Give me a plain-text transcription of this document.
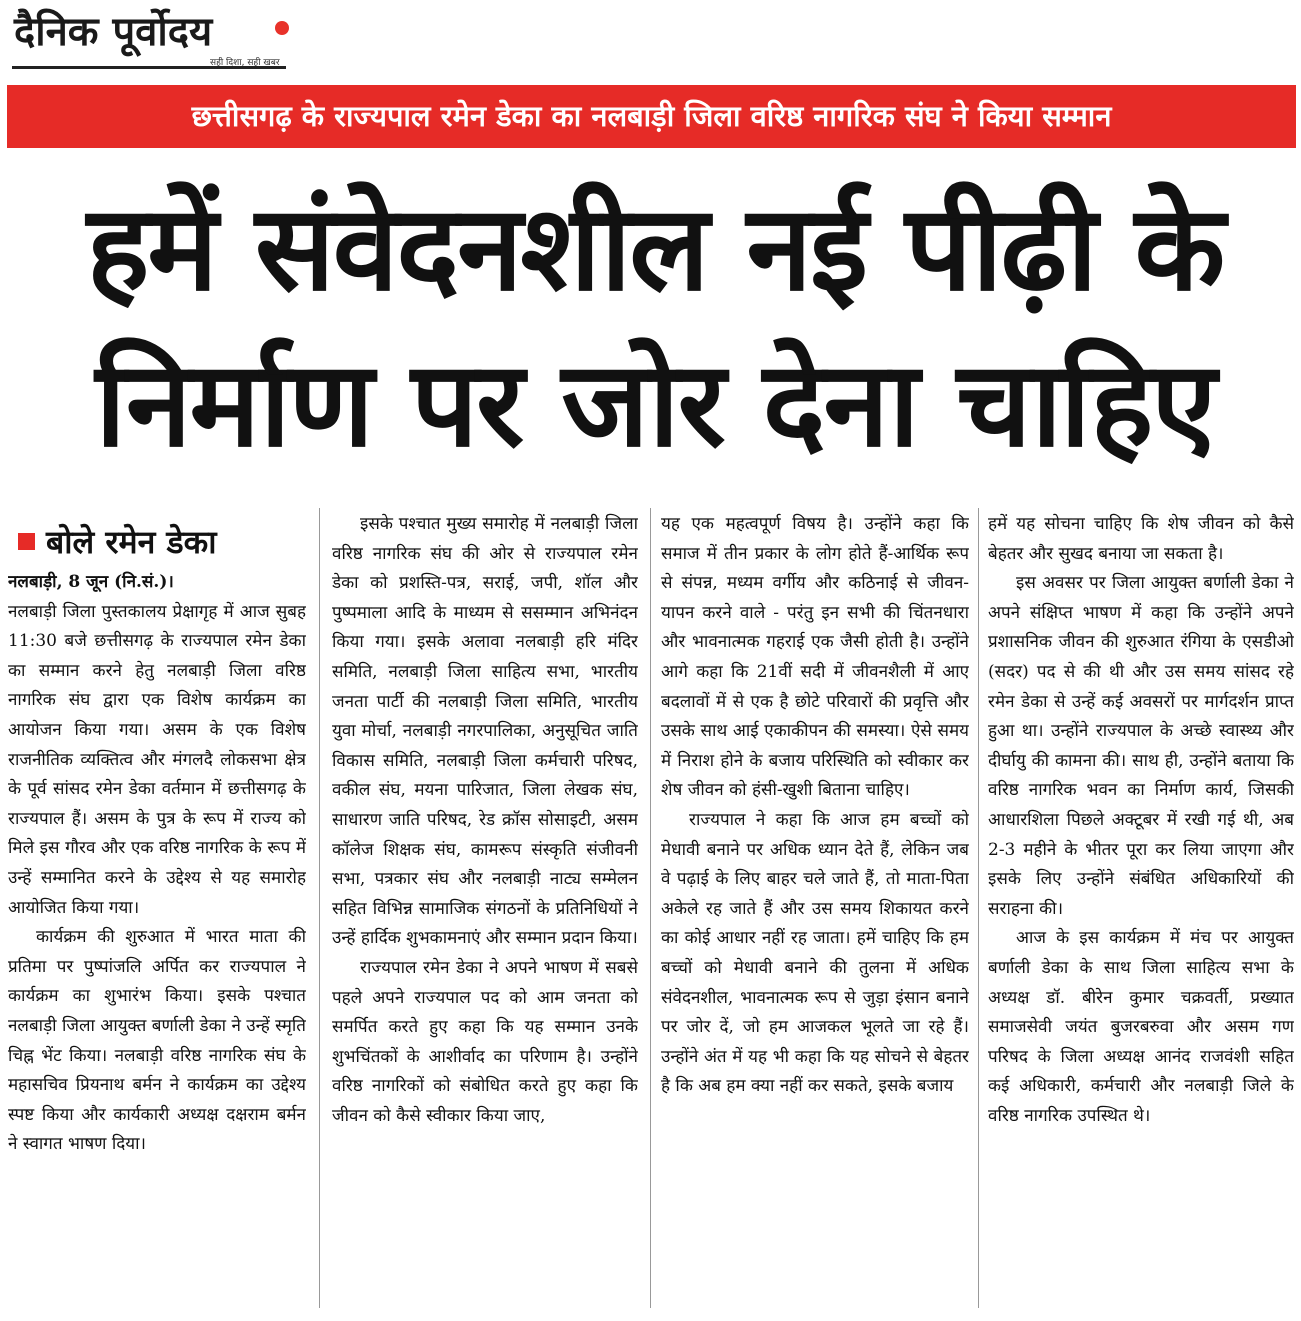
दैनिक पूर्वोदय
सही दिशा, सही खबर
छत्तीसगढ़ के राज्यपाल रमेन डेका का नलबाड़ी जिला वरिष्ठ नागरिक संघ ने किया सम्मान
हमें संवेदनशील नई पीढ़ी के
निर्माण पर जोर देना चाहिए
बोले रमेन डेका

नलबाड़ी, 8 जून (नि.सं.)।

नलबाड़ी जिला पुस्तकालय प्रेक्षागृह में आज सुबह 11:30 बजे छत्तीसगढ़ के राज्यपाल रमेन डेका का सम्मान करने हेतु नलबाड़ी जिला वरिष्ठ नागरिक संघ द्वारा एक विशेष कार्यक्रम का आयोजन किया गया। असम के एक विशेष राजनीतिक व्यक्तित्व और मंगलदै लोकसभा क्षेत्र के पूर्व सांसद रमेन डेका वर्तमान में छत्तीसगढ़ के राज्यपाल हैं। असम के पुत्र के रूप में राज्य को मिले इस गौरव और एक वरिष्ठ नागरिक के रूप में उन्हें सम्मानित करने के उद्देश्य से यह समारोह आयोजित किया गया।

कार्यक्रम की शुरुआत में भारत माता की प्रतिमा पर पुष्पांजलि अर्पित कर राज्यपाल ने कार्यक्रम का शुभारंभ किया। इसके पश्चात नलबाड़ी जिला आयुक्त बर्णाली डेका ने उन्हें स्मृति चिह्न भेंट किया। नलबाड़ी वरिष्ठ नागरिक संघ के महासचिव प्रियनाथ बर्मन ने कार्यक्रम का उद्देश्य स्पष्ट किया और कार्यकारी अध्यक्ष दक्षराम बर्मन ने स्वागत भाषण दिया।

इसके पश्चात मुख्य समारोह में नलबाड़ी जिला वरिष्ठ नागरिक संघ की ओर से राज्यपाल रमेन डेका को प्रशस्ति-पत्र, सराई, जपी, शॉल और पुष्पमाला आदि के माध्यम से ससम्मान अभिनंदन किया गया। इसके अलावा नलबाड़ी हरि मंदिर समिति, नलबाड़ी जिला साहित्य सभा, भारतीय जनता पार्टी की नलबाड़ी जिला समिति, भारतीय युवा मोर्चा, नलबाड़ी नगरपालिका, अनुसूचित जाति विकास समिति, नलबाड़ी जिला कर्मचारी परिषद, वकील संघ, मयना पारिजात, जिला लेखक संघ, साधारण जाति परिषद, रेड क्रॉस सोसाइटी, असम कॉलेज शिक्षक संघ, कामरूप संस्कृति संजीवनी सभा, पत्रकार संघ और नलबाड़ी नाट्य सम्मेलन सहित विभिन्न सामाजिक संगठनों के प्रतिनिधियों ने उन्हें हार्दिक शुभकामनाएं और सम्मान प्रदान किया।

राज्यपाल रमेन डेका ने अपने भाषण में सबसे पहले अपने राज्यपाल पद को आम जनता को समर्पित करते हुए कहा कि यह सम्मान उनके शुभचिंतकों के आशीर्वाद का परिणाम है। उन्होंने वरिष्ठ नागरिकों को संबोधित करते हुए कहा कि जीवन को कैसे स्वीकार किया जाए,

यह एक महत्वपूर्ण विषय है। उन्होंने कहा कि समाज में तीन प्रकार के लोग होते हैं-आर्थिक रूप से संपन्न, मध्यम वर्गीय और कठिनाई से जीवन-यापन करने वाले - परंतु इन सभी की चिंतनधारा और भावनात्मक गहराई एक जैसी होती है। उन्होंने आगे कहा कि 21वीं सदी में जीवनशैली में आए बदलावों में से एक है छोटे परिवारों की प्रवृत्ति और उसके साथ आई एकाकीपन की समस्या। ऐसे समय में निराश होने के बजाय परिस्थिति को स्वीकार कर शेष जीवन को हंसी-खुशी बिताना चाहिए।

राज्यपाल ने कहा कि आज हम बच्चों को मेधावी बनाने पर अधिक ध्यान देते हैं, लेकिन जब वे पढ़ाई के लिए बाहर चले जाते हैं, तो माता-पिता अकेले रह जाते हैं और उस समय शिकायत करने का कोई आधार नहीं रह जाता। हमें चाहिए कि हम बच्चों को मेधावी बनाने की तुलना में अधिक संवेदनशील, भावनात्मक रूप से जुड़ा इंसान बनाने पर जोर दें, जो हम आजकल भूलते जा रहे हैं। उन्होंने अंत में यह भी कहा कि यह सोचने से बेहतर है कि अब हम क्या नहीं कर सकते, इसके बजाय

हमें यह सोचना चाहिए कि शेष जीवन को कैसे बेहतर और सुखद बनाया जा सकता है।

इस अवसर पर जिला आयुक्त बर्णाली डेका ने अपने संक्षिप्त भाषण में कहा कि उन्होंने अपने प्रशासनिक जीवन की शुरुआत रंगिया के एसडीओ (सदर) पद से की थी और उस समय सांसद रहे रमेन डेका से उन्हें कई अवसरों पर मार्गदर्शन प्राप्त हुआ था। उन्होंने राज्यपाल के अच्छे स्वास्थ्य और दीर्घायु की कामना की। साथ ही, उन्होंने बताया कि वरिष्ठ नागरिक भवन का निर्माण कार्य, जिसकी आधारशिला पिछले अक्टूबर में रखी गई थी, अब 2-3 महीने के भीतर पूरा कर लिया जाएगा और इसके लिए उन्होंने संबंधित अधिकारियों की सराहना की।

आज के इस कार्यक्रम में मंच पर आयुक्त बर्णाली डेका के साथ जिला साहित्य सभा के अध्यक्ष डॉ. बीरेन कुमार चक्रवर्ती, प्रख्यात समाजसेवी जयंत बुजरबरुवा और असम गण परिषद के जिला अध्यक्ष आनंद राजवंशी सहित कई अधिकारी, कर्मचारी और नलबाड़ी जिले के वरिष्ठ नागरिक उपस्थित थे।
